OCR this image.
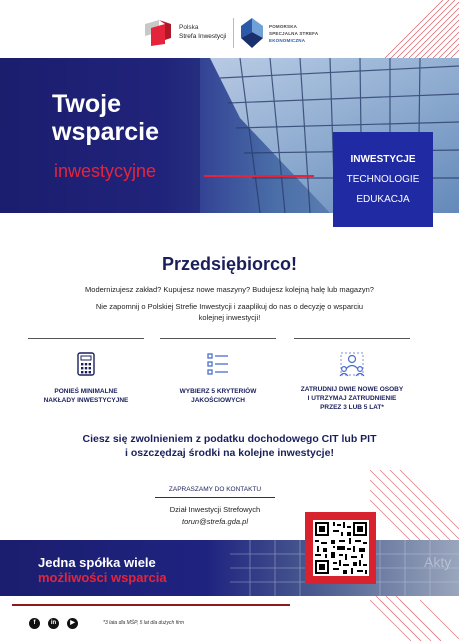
Polska
Strefa Inwestycji
POMORSKA
SPECJALNA STREFA
EKONOMICZNA
Twoje
wsparcie
inwestycyjne
INWESTYCJE
TECHNOLOGIE
EDUKACJA
Przedsiębiorco!
Modernizujesz zakład? Kupujesz nowe maszyny? Budujesz kolejną halę lub magazyn?
Nie zapomnij o Polskiej Strefie Inwestycji i zaaplikuj do nas o decyzję o wsparciu
kolejnej inwestycji!
PONIEŚ MINIMALNE
NAKŁADY INWESTYCYJNE
WYBIERZ 5 KRYTERIÓW
JAKOŚCIOWYCH
ZATRUDNIJ DWIE NOWE OSOBY
I UTRZYMAJ ZATRUDNIENIE
PRZEZ 3 LUB 5 LAT*
Ciesz się zwolnieniem z podatku dochodowego CIT lub PIT
i oszczędzaj środki na kolejne inwestycje!
ZAPRASZAMY DO KONTAKTU
Dział Inwestycji Strefowych
torun@strefa.gda.pl
Jedna spółka wiele
możliwości wsparcia
Akty
f	in	▶	*3 lata dla MŚP, 5 lat dla dużych firm
